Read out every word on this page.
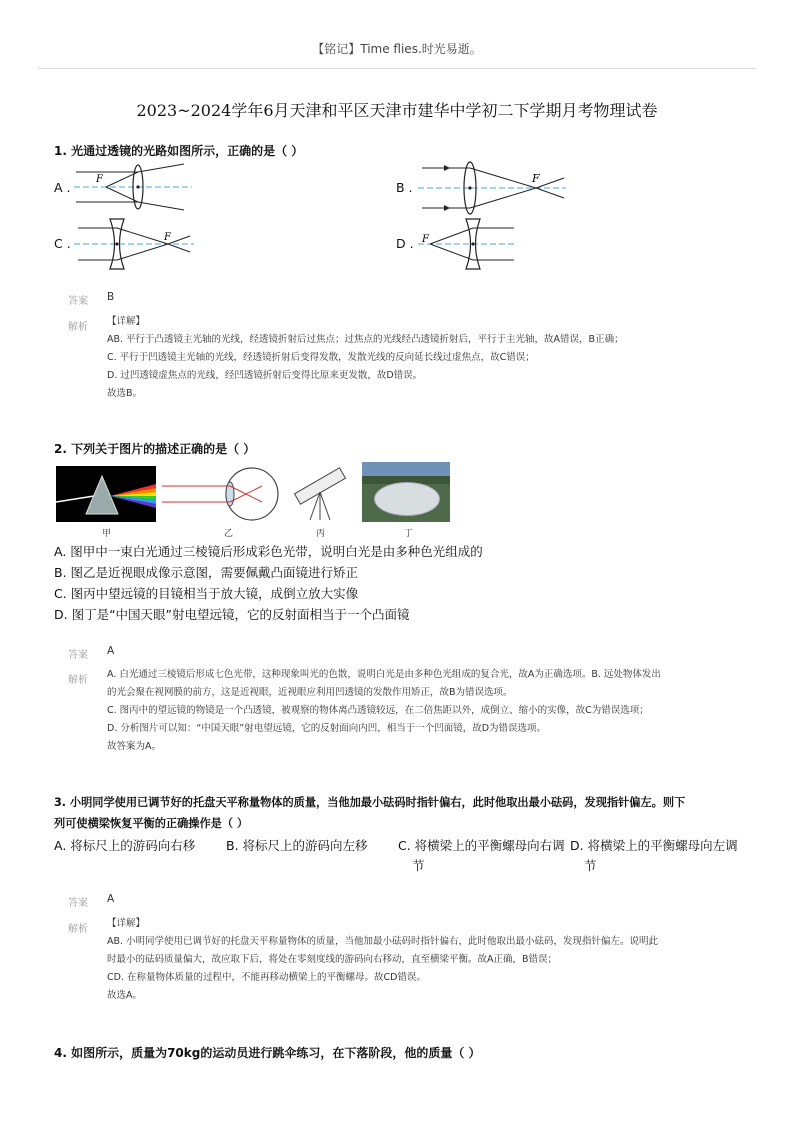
【铭记】Time flies.时光易逝。
2023~2024学年6月天津和平区天津市建华中学初二下学期月考物理试卷
1. 光通过透镜的光路如图所示，正确的是（ ）
A .
F
B .
F
C .	F	D . F
答案 B
解析
【详解】
AB. 平行于凸透镜主光轴的光线，经透镜折射后过焦点；过焦点的光线经凸透镜折射后，平行于主光轴，故A错误，B正确；
C. 平行于凹透镜主光轴的光线，经透镜折射后变得发散，发散光线的反向延长线过虚焦点，故C错误；
D. 过凹透镜虚焦点的光线，经凹透镜折射后变得比原来更发散，故D错误。
故选B。
2. 下列关于图片的描述正确的是（ ）
甲	乙	丙	丁
A. 图甲中一束白光通过三棱镜后形成彩色光带，说明白光是由多种色光组成的
B. 图乙是近视眼成像示意图，需要佩戴凸面镜进行矫正
C. 图丙中望远镜的目镜相当于放大镜，成倒立放大实像
D. 图丁是“中国天眼”射电望远镜，它的反射面相当于一个凸面镜
答案 A
解析
A. 白光通过三棱镜后形成七色光带，这种现象叫光的色散，说明白光是由多种色光组成的复合光，故A为正确选项。B. 远处物体发出
的光会聚在视网膜的前方，这是近视眼，近视眼应利用凹透镜的发散作用矫正，故B为错误选项。
C. 图丙中的望远镜的物镜是一个凸透镜，被观察的物体离凸透镜较远，在二倍焦距以外，成倒立、缩小的实像，故C为错误选项；
D. 分析图片可以知：“中国天眼”射电望远镜，它的反射面向内凹，相当于一个凹面镜，故D为错误选项。
故答案为A。
3. 小明同学使用已调节好的托盘天平称量物体的质量，当他加最小砝码时指针偏右，此时他取出最小砝码，发现指针偏左。则下
列可使横梁恢复平衡的正确操作是（ ）
A. 将标尺上的游码向右移 B. 将标尺上的游码向左移 C. 将横梁上的平衡螺母向右调
节
D. 将横梁上的平衡螺母向左调
节
答案 A
解析
【详解】
AB. 小明同学使用已调节好的托盘天平称量物体的质量，当他加最小砝码时指针偏右，此时他取出最小砝码，发现指针偏左。说明此
时最小的砝码质量偏大，故应取下后，将处在零刻度线的游码向右移动，直至横梁平衡。故A正确，B错误；
CD. 在称量物体质量的过程中，不能再移动横梁上的平衡螺母。故CD错误。
故选A。
4. 如图所示，质量为70kg的运动员进行跳伞练习，在下落阶段，他的质量（ ）
